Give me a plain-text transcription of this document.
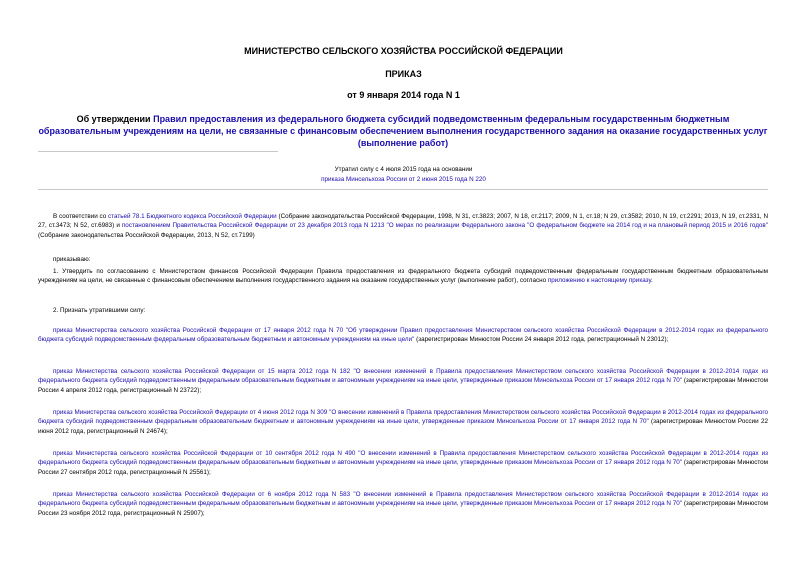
МИНИСТЕРСТВО СЕЛЬСКОГО ХОЗЯЙСТВА РОССИЙСКОЙ ФЕДЕРАЦИИ
ПРИКАЗ
от 9 января 2014 года N 1
Об утверждении Правил предоставления из федерального бюджета субсидий подведомственным федеральным государственным бюджетным образовательным учреждениям на цели, не связанные с финансовым обеспечением выполнения государственного задания на оказание государственных услуг (выполнение работ)
Утратил силу с 4 июля 2015 года на основании
приказа Минсельхоза России от 2 июня 2015 года N 220
В соответствии со статьей 78.1 Бюджетного кодекса Российской Федерации (Собрание законодательства Российской Федерации, 1998, N 31, ст.3823; 2007, N 18, ст.2117; 2009, N 1, ст.18; N 29, ст.3582; 2010, N 19, ст.2291; 2013, N 19, ст.2331, N 27, ст.3473; N 52, ст.6983) и постановлением Правительства Российской Федерации от 23 декабря 2013 года N 1213 "О мерах по реализации Федерального закона "О федеральном бюджете на 2014 год и на плановый период 2015 и 2016 годов" (Собрание законодательства Российской Федерации, 2013, N 52, ст.7199)
приказываю:
1. Утвердить по согласованию с Министерством финансов Российской Федерации Правила предоставления из федерального бюджета субсидий подведомственным федеральным государственным бюджетным образовательным учреждениям на цели, не связанные с финансовым обеспечением выполнения государственного задания на оказание государственных услуг (выполнение работ), согласно приложению к настоящему приказу.
2. Признать утратившими силу:
приказ Министерства сельского хозяйства Российской Федерации от 17 января 2012 года N 70 "Об утверждении Правил предоставления Министерством сельского хозяйства Российской Федерации в 2012-2014 годах из федерального бюджета субсидий подведомственным федеральным образовательным бюджетным и автономным учреждениям на иные цели" (зарегистрирован Минюстом России 24 января 2012 года, регистрационный N 23012);
приказ Министерства сельского хозяйства Российской Федерации от 15 марта 2012 года N 182 "О внесении изменений в Правила предоставления Министерством сельского хозяйства Российской Федерации в 2012-2014 годах из федерального бюджета субсидий подведомственным федеральным образовательным бюджетным и автономным учреждениям на иные цели, утвержденные приказом Минсельхоза России от 17 января 2012 года N 70" (зарегистрирован Минюстом России 4 апреля 2012 года, регистрационный N 23722);
приказ Министерства сельского хозяйства Российской Федерации от 4 июня 2012 года N 309 "О внесении изменений в Правила предоставления Министерством сельского хозяйства Российской Федерации в 2012-2014 годах из федерального бюджета субсидий подведомственным федеральным образовательным бюджетным и автономным учреждениям на иные цели, утвержденные приказом Минсельхоза России от 17 января 2012 года N 70" (зарегистрирован Минюстом России 22 июня 2012 года, регистрационный N 24674);
приказ Министерства сельского хозяйства Российской Федерации от 10 сентября 2012 года N 490 "О внесении изменений в Правила предоставления Министерством сельского хозяйства Российской Федерации в 2012-2014 годах из федерального бюджета субсидий подведомственным федеральным образовательным бюджетным и автономным учреждениям на иные цели, утвержденные приказом Минсельхоза России от 17 января 2012 года N 70" (зарегистрирован Минюстом России 27 сентября 2012 года, регистрационный N 25561);
приказ Министерства сельского хозяйства Российской Федерации от 6 ноября 2012 года N 583 "О внесении изменений в Правила предоставления Министерством сельского хозяйства Российской Федерации в 2012-2014 годах из федерального бюджета субсидий подведомственным федеральным образовательным бюджетным и автономным учреждениям на иные цели, утвержденные приказом Минсельхоза России от 17 января 2012 года N 70" (зарегистрирован Минюстом России 23 ноября 2012 года, регистрационный N 25907);
